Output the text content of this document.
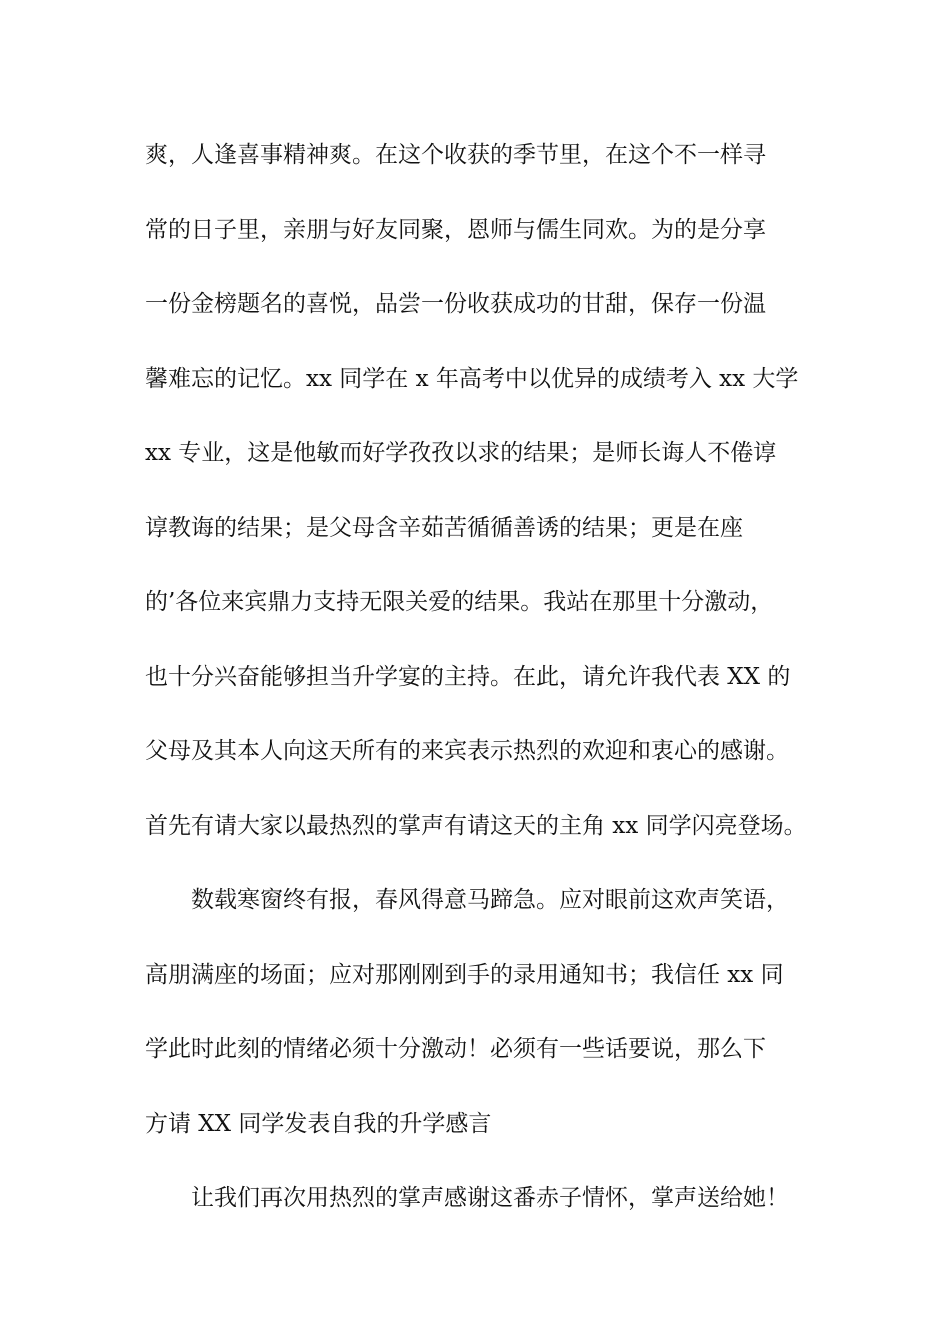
爽，人逢喜事精神爽。在这个收获的季节里，在这个不一样寻
常的日子里，亲朋与好友同聚，恩师与儒生同欢。为的是分享
一份金榜题名的喜悦，品尝一份收获成功的甘甜，保存一份温
馨难忘的记忆。xx 同学在 x 年高考中以优异的成绩考入 xx 大学
xx 专业，这是他敏而好学孜孜以求的结果；是师长诲人不倦谆
谆教诲的结果；是父母含辛茹苦循循善诱的结果；更是在座
的’各位来宾鼎力支持无限关爱的结果。我站在那里十分激动，
也十分兴奋能够担当升学宴的主持。在此，请允许我代表 XX 的
父母及其本人向这天所有的来宾表示热烈的欢迎和衷心的感谢。
首先有请大家以最热烈的掌声有请这天的主角 xx 同学闪亮登场。
数载寒窗终有报，春风得意马蹄急。应对眼前这欢声笑语，
高朋满座的场面；应对那刚刚到手的录用通知书；我信任 xx 同
学此时此刻的情绪必须十分激动！必须有一些话要说，那么下
方请 XX 同学发表自我的升学感言
让我们再次用热烈的掌声感谢这番赤子情怀，掌声送给她！
